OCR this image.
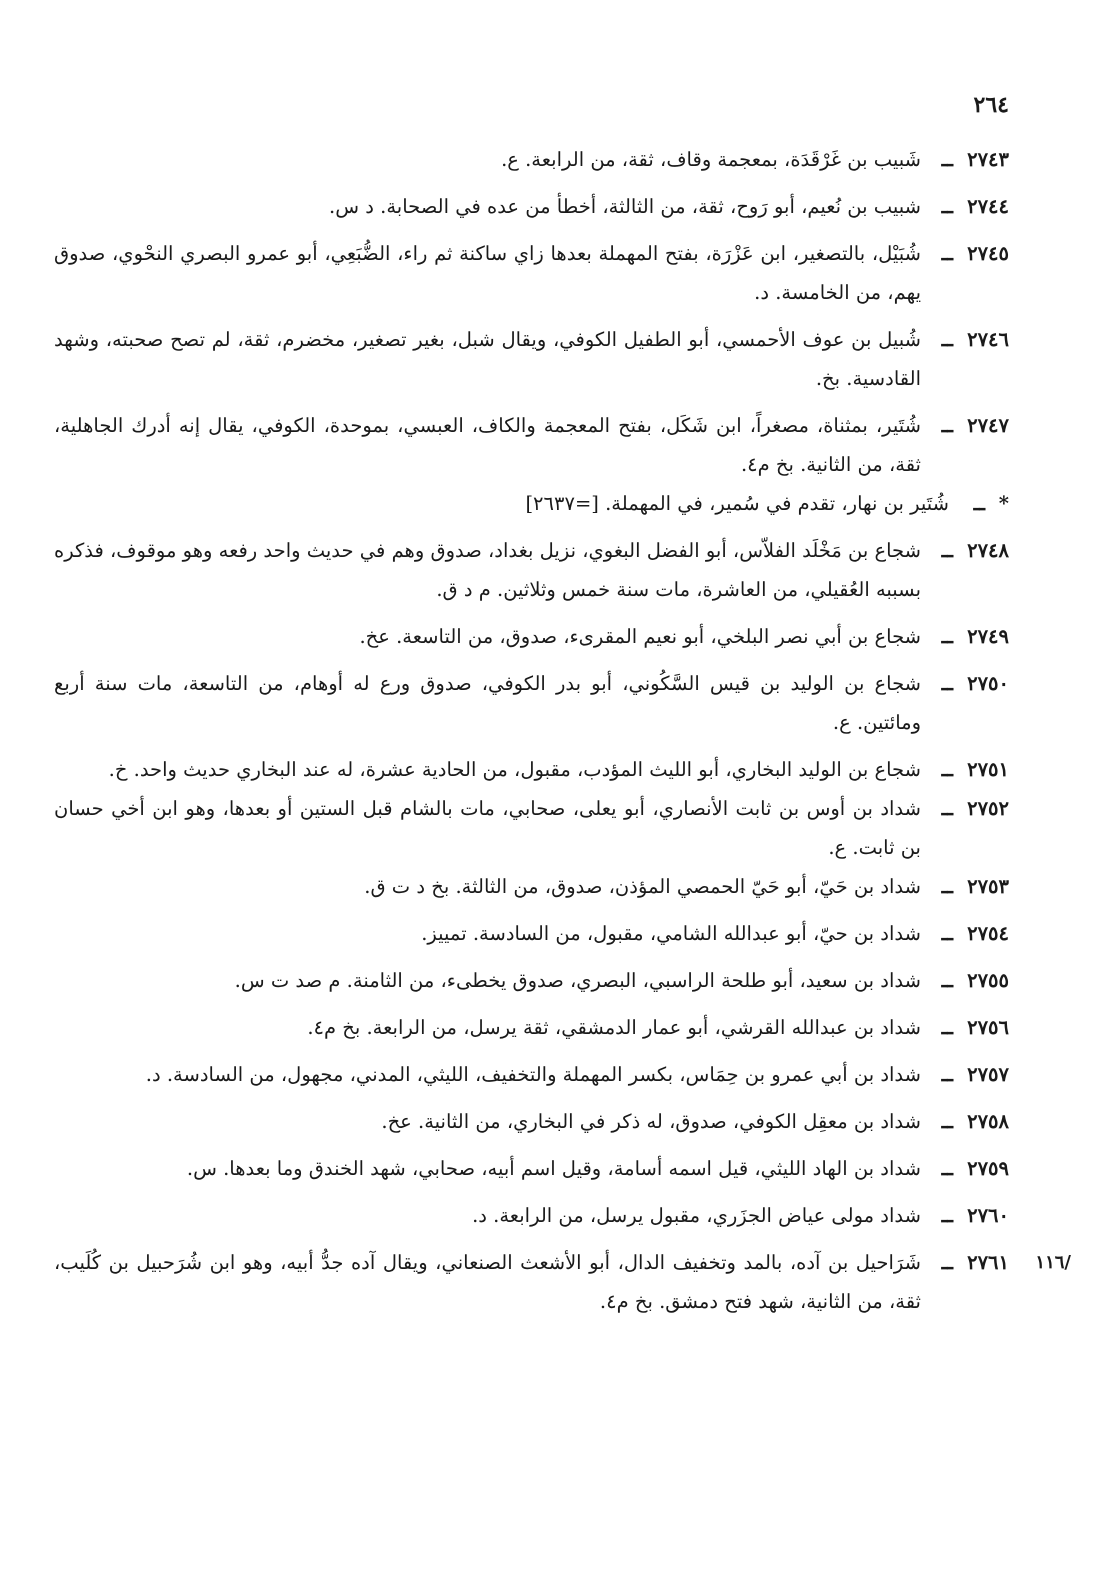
٢٦٤
٢٧٤٣
ــ
شَبيب بن غَرْقَدَة، بمعجمة وقاف، ثقة، من الرابعة. ع.
٢٧٤٤
ــ
شبيب بن نُعيم، أبو رَوح، ثقة، من الثالثة، أخطأ من عده في الصحابة. د س.
٢٧٤٥
ــ
شُبَيْل، بالتصغير، ابن عَزْرَة، بفتح المهملة بعدها زاي ساكنة ثم راء، الضُّبَعِي، أبو عمرو البصري النحْوي، صدوق يهم، من الخامسة. د.
٢٧٤٦
ــ
شُبيل بن عوف الأحمسي، أبو الطفيل الكوفي، ويقال شبل، بغير تصغير، مخضرم، ثقة، لم تصح صحبته، وشهد القادسية. بخ.
٢٧٤٧
ــ
شُتَير، بمثناة، مصغراً، ابن شَكَل، بفتح المعجمة والكاف، العبسي، بموحدة، الكوفي، يقال إنه أدرك الجاهلية، ثقة، من الثانية. بخ م٤.
*
ــ
شُتَير بن نهار، تقدم في سُمير، في المهملة. [=٢٦٣٧]
٢٧٤٨
ــ
شجاع بن مَخْلَد الفلاّس، أبو الفضل البغوي، نزيل بغداد، صدوق وهم في حديث واحد رفعه وهو موقوف، فذكره بسببه العُقيلي، من العاشرة، مات سنة خمس وثلاثين. م د ق.
٢٧٤٩
ــ
شجاع بن أبي نصر البلخي، أبو نعيم المقرىء، صدوق، من التاسعة. عخ.
٢٧٥٠
ــ
شجاع بن الوليد بن قيس السَّكُوني، أبو بدر الكوفي، صدوق ورع له أوهام، من التاسعة، مات سنة أربع ومائتين. ع.
٢٧٥١
ــ
شجاع بن الوليد البخاري، أبو الليث المؤدب، مقبول، من الحادية عشرة، له عند البخاري حديث واحد. خ.
٢٧٥٢
ــ
شداد بن أوس بن ثابت الأنصاري، أبو يعلى، صحابي، مات بالشام قبل الستين أو بعدها، وهو ابن أخي حسان بن ثابت. ع.
٢٧٥٣
ــ
شداد بن حَيّ، أبو حَيّ الحمصي المؤذن، صدوق، من الثالثة. بخ د ت ق.
٢٧٥٤
ــ
شداد بن حيّ، أبو عبدالله الشامي، مقبول، من السادسة. تمييز.
٢٧٥٥
ــ
شداد بن سعيد، أبو طلحة الراسبي، البصري، صدوق يخطىء، من الثامنة. م صد ت س.
٢٧٥٦
ــ
شداد بن عبدالله القرشي، أبو عمار الدمشقي، ثقة يرسل، من الرابعة. بخ م٤.
٢٧٥٧
ــ
شداد بن أبي عمرو بن حِمَاس، بكسر المهملة والتخفيف، الليثي، المدني، مجهول، من السادسة. د.
٢٧٥٨
ــ
شداد بن معقِل الكوفي، صدوق، له ذكر في البخاري، من الثانية. عخ.
٢٧٥٩
ــ
شداد بن الهاد الليثي، قيل اسمه أسامة، وقيل اسم أبيه، صحابي، شهد الخندق وما بعدها. س.
٢٧٦٠
ــ
شداد مولى عياض الجزَري، مقبول يرسل، من الرابعة. د.
/١١٦
٢٧٦١
ــ
شَرَاحيل بن آده، بالمد وتخفيف الدال، أبو الأشعث الصنعاني، ويقال آده جدُّ أبيه، وهو ابن شُرَحبيل بن كُلَيب، ثقة، من الثانية، شهد فتح دمشق. بخ م٤.
